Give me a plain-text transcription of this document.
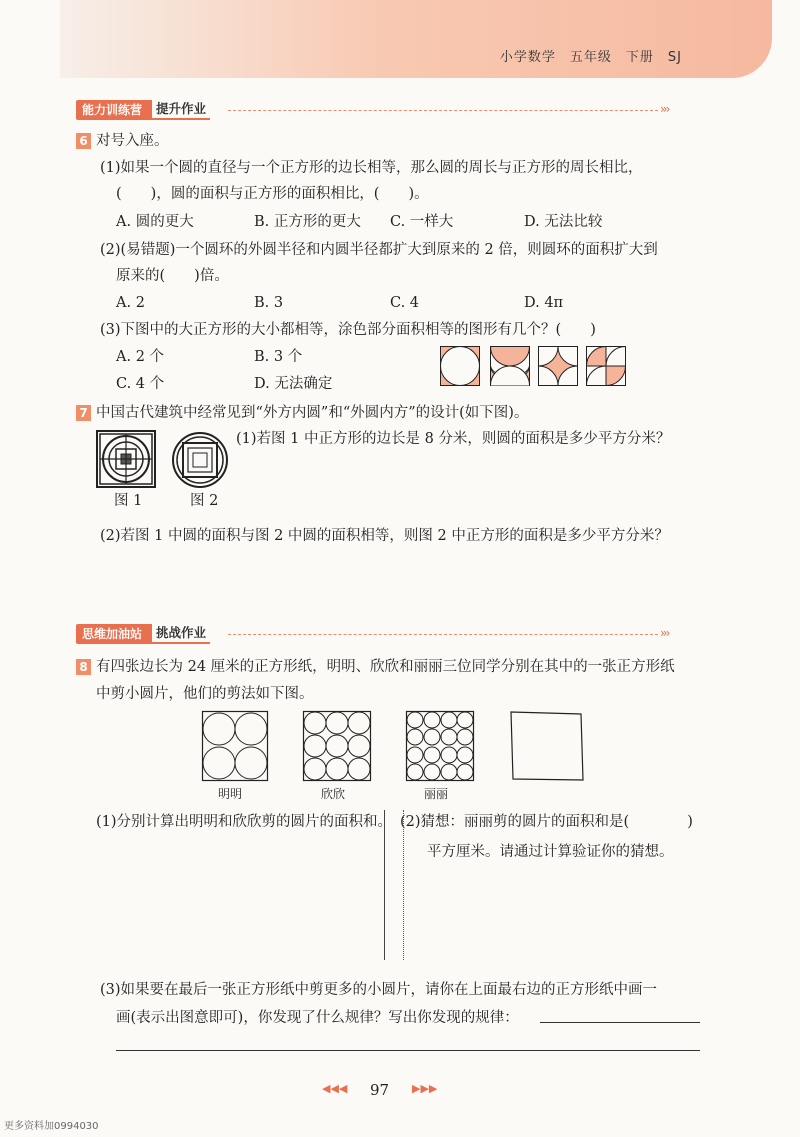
小学数学　五年级　下册　SJ
能力训练营	提升作业	›››
6 对号入座。
(1)如果一个圆的直径与一个正方形的边长相等，那么圆的周长与正方形的周长相比，
(　　)，圆的面积与正方形的面积相比，(　　)。
A. 圆的更大	B. 正方形的更大 C. 一样大	D. 无法比较
(2)(易错题)一个圆环的外圆半径和内圆半径都扩大到原来的 2 倍，则圆环的面积扩大到
原来的(　　)倍。
A. 2	B. 3	C. 4	D. 4π
(3)下图中的大正方形的大小都相等，涂色部分面积相等的图形有几个？(　　)
A. 2 个	B. 3 个
C. 4 个	D. 无法确定
7 中国古代建筑中经常见到“外方内圆”和“外圆内方”的设计(如下图)。
图 1	图 2
(1)若图 1 中正方形的边长是 8 分米，则圆的面积是多少平方分米？
(2)若图 1 中圆的面积与图 2 中圆的面积相等，则图 2 中正方形的面积是多少平方分米？
思维加油站	挑战作业	›››
8 有四张边长为 24 厘米的正方形纸，明明、欣欣和丽丽三位同学分别在其中的一张正方形纸
中剪小圆片，他们的剪法如下图。
明明	欣欣	丽丽
(1)分别计算出明明和欣欣剪的圆片的面积和。 (2)猜想：丽丽剪的圆片的面积和是(　　　　)
平方厘米。请通过计算验证你的猜想。
(3)如果要在最后一张正方形纸中剪更多的小圆片，请你在上面最右边的正方形纸中画一
画(表示出图意即可)，你发现了什么规律？写出你发现的规律：
◀◀◀ 97 ▶▶▶
更多资料加0994030
